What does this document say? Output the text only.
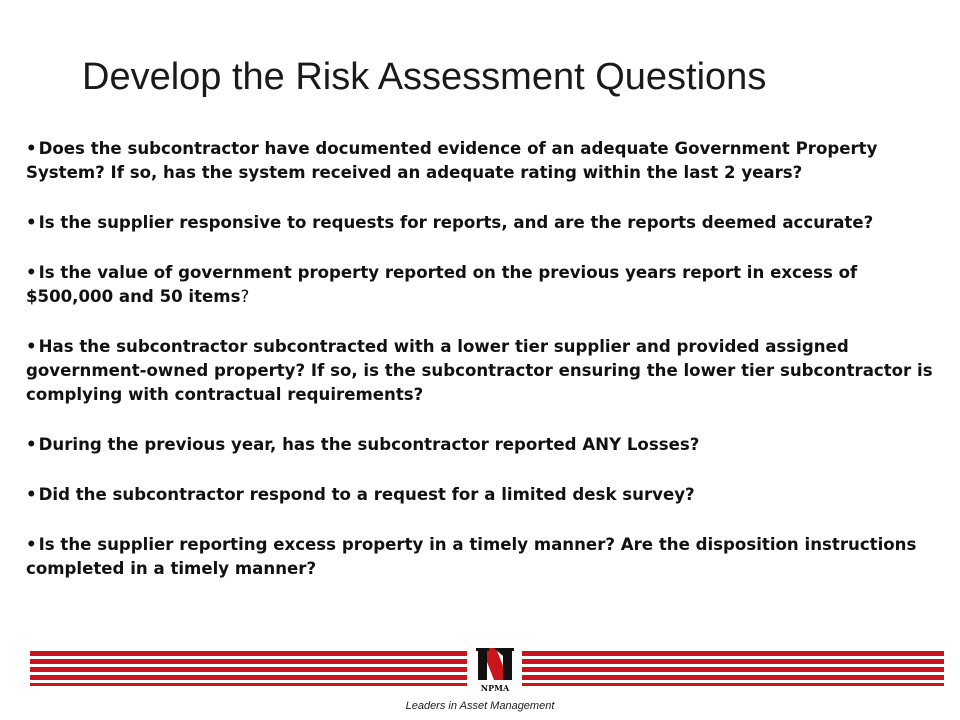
Develop the Risk Assessment Questions
• Does the subcontractor have documented evidence of an adequate Government Property System? If so, has the system received an adequate rating within the last 2 years?
• Is the supplier responsive to requests for reports, and are the reports deemed accurate?
• Is the value of government property reported on the previous years report in excess of $500,000 and 50 items?
• Has the subcontractor subcontracted with a lower tier supplier and provided assigned government-owned property? If so, is the subcontractor ensuring the lower tier subcontractor is complying with contractual requirements?
• During the previous year, has the subcontractor reported ANY Losses?
• Did the subcontractor respond to a request for a limited desk survey?
• Is the supplier reporting excess property in a timely manner? Are the disposition instructions completed in a timely manner?
NPMA
Leaders in Asset Management
